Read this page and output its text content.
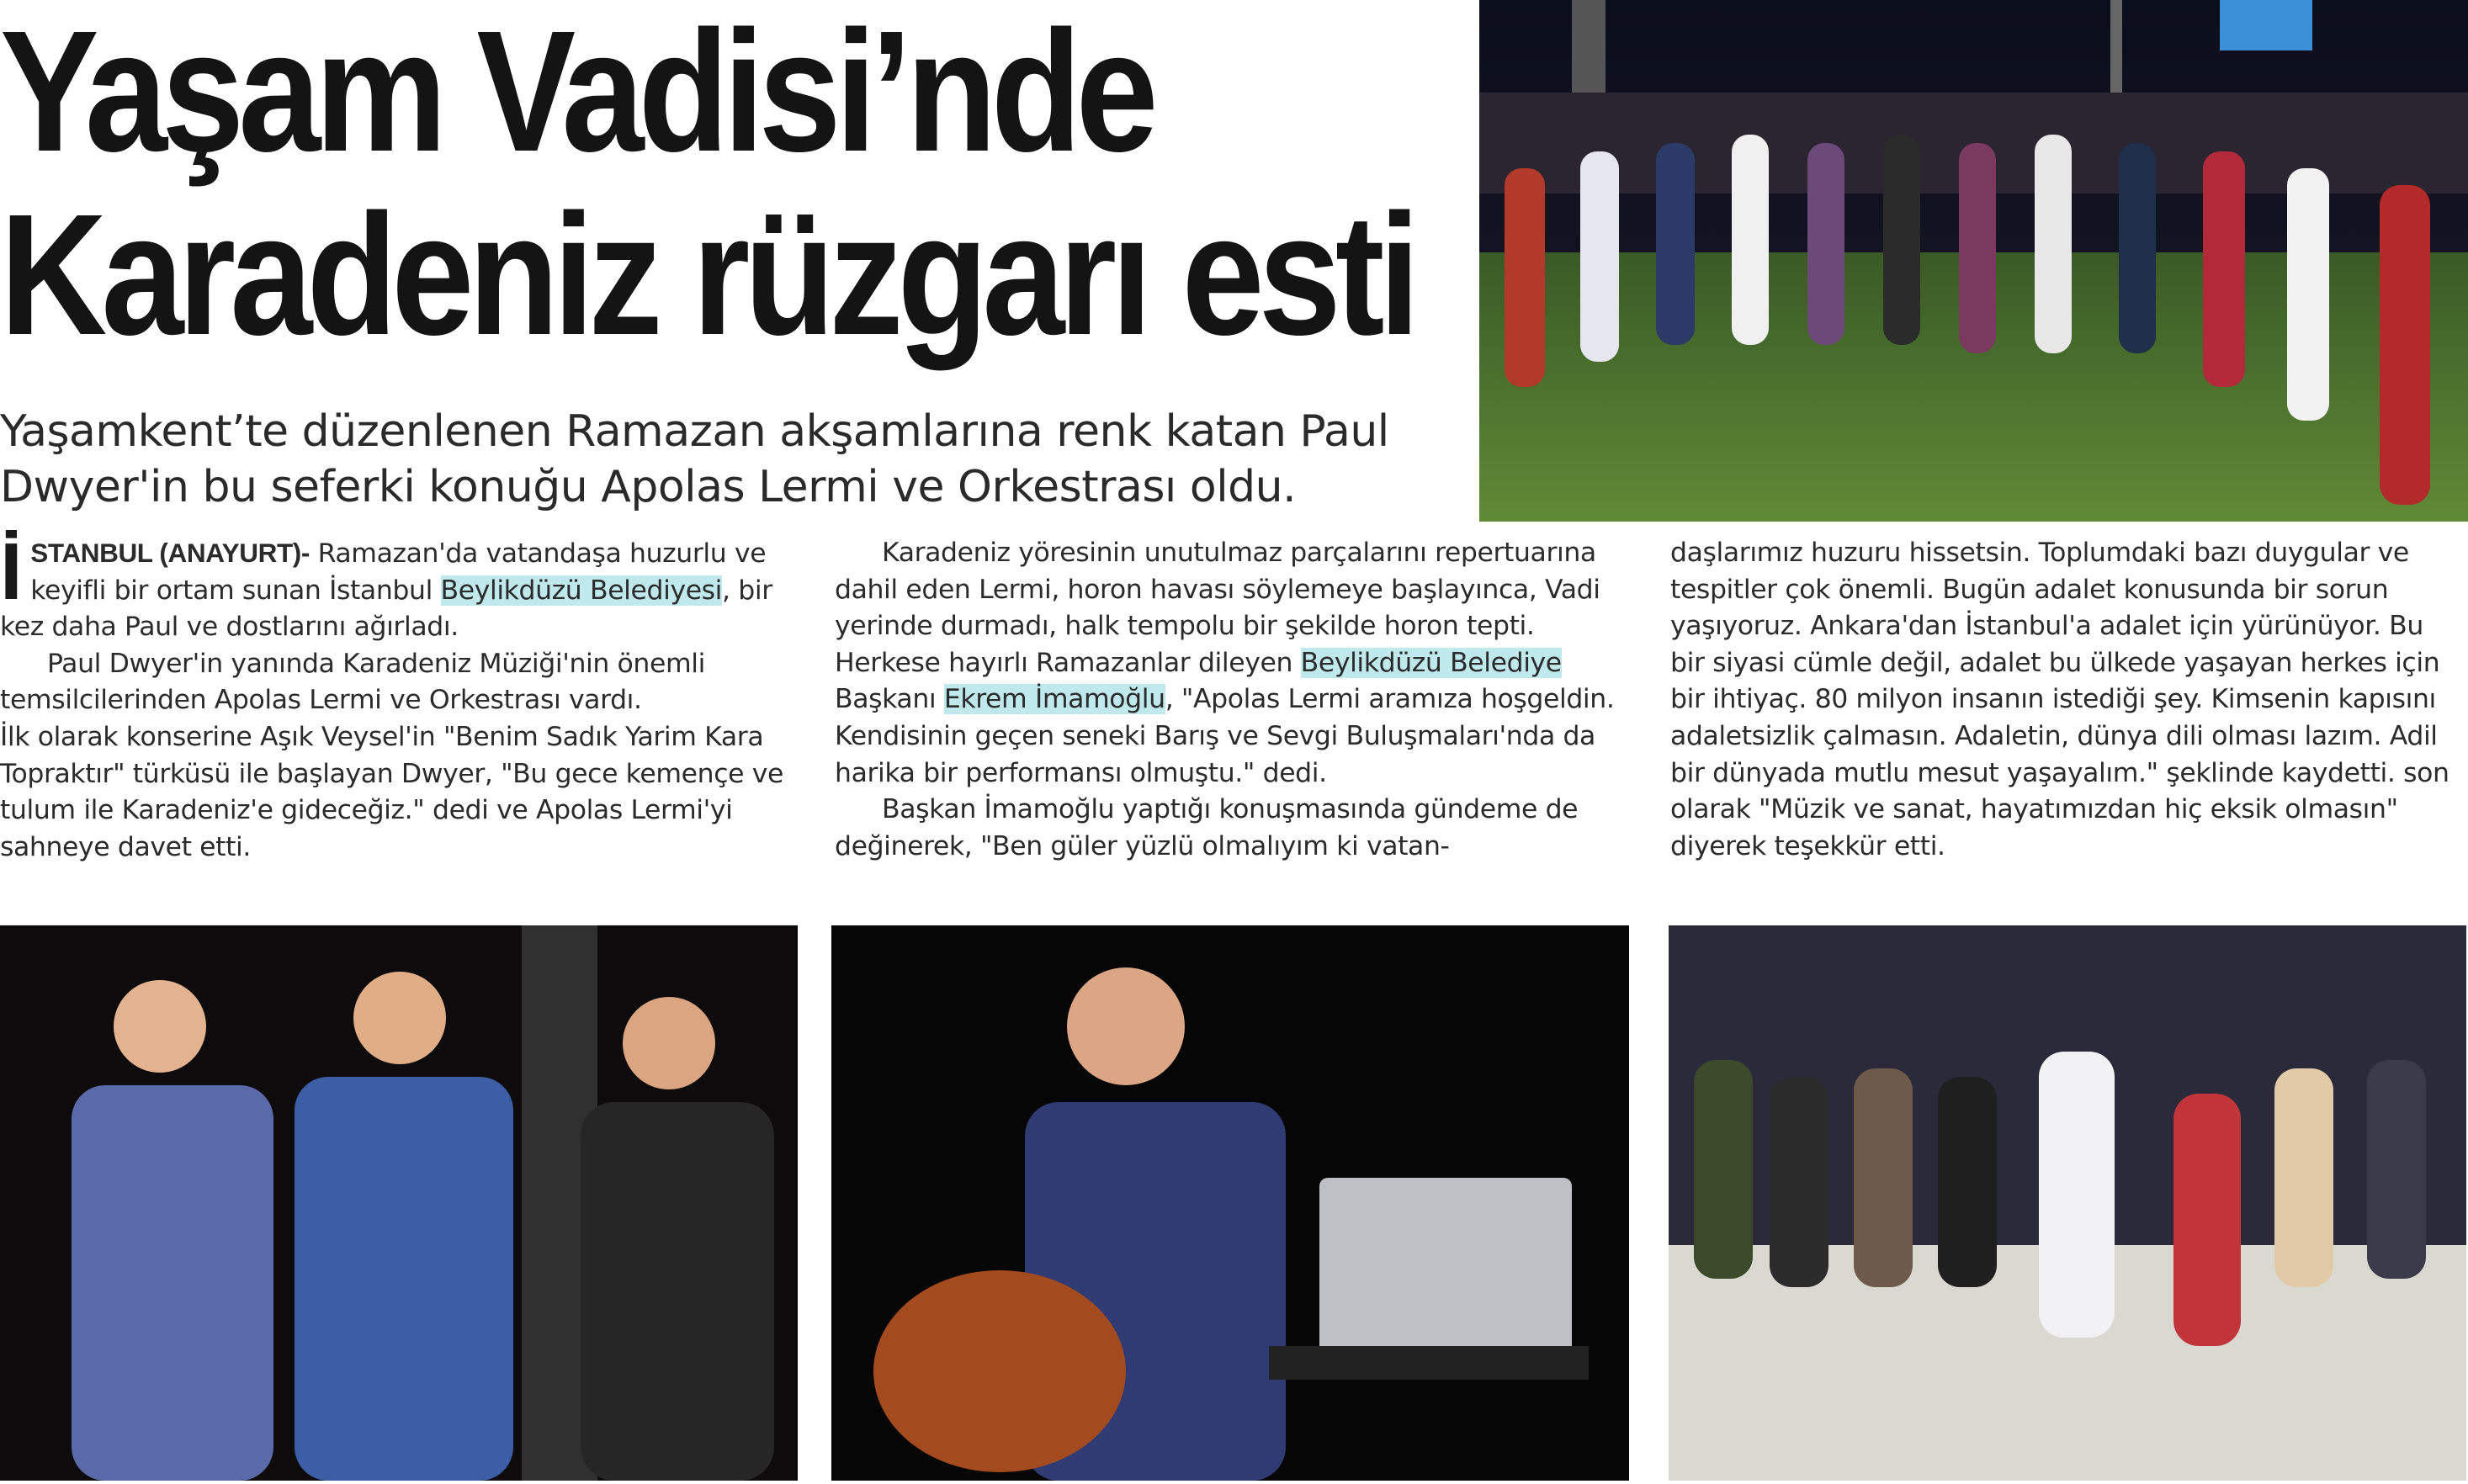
Yaşam Vadisi’nde
Karadeniz rüzgarı esti

Yaşamkent’te düzenlenen Ramazan akşamlarına renk katan Paul Dwyer'in bu seferki konuğu Apolas Lermi ve Orkestrası oldu.

İ STANBUL (ANAYURT)- Ramazan'da vatandaşa huzurlu ve keyifli bir ortam sunan İstanbul Beylikdüzü Belediyesi, bir kez daha Paul ve dostlarını ağırladı.

Paul Dwyer'in yanında Karadeniz Müziği'nin önemli temsilcilerinden Apolas Lermi ve Orkestrası vardı.

İlk olarak konserine Aşık Veysel'in "Benim Sadık Yarim Kara Topraktır" türküsü ile başlayan Dwyer, "Bu gece kemençe ve tulum ile Karadeniz'e gideceğiz." dedi ve Apolas Lermi'yi sahneye davet etti.

Karadeniz yöresinin unutulmaz parçalarını repertuarına dahil eden Lermi, horon havası söylemeye başlayınca, Vadi yerinde durmadı, halk tempolu bir şekilde horon tepti. Herkese hayırlı Ramazanlar dileyen Beylikdüzü Belediye Başkanı Ekrem İmamoğlu, "Apolas Lermi aramıza hoşgeldin. Kendisinin geçen seneki Barış ve Sevgi Buluşmaları'nda da harika bir performansı olmuştu." dedi.

Başkan İmamoğlu yaptığı konuşmasında gündeme de değinerek, "Ben güler yüzlü olmalıyım ki vatan-

daşlarımız huzuru hissetsin. Toplumdaki bazı duygular ve tespitler çok önemli. Bugün adalet konusunda bir sorun yaşıyoruz. Ankara'dan İstanbul'a adalet için yürünüyor. Bu bir siyasi cümle değil, adalet bu ülkede yaşayan herkes için bir ihtiyaç. 80 milyon insanın istediği şey. Kimsenin kapısını adaletsizlik çalmasın. Adaletin, dünya dili olması lazım. Adil bir dünyada mutlu mesut yaşayalım." şeklinde kaydetti. son olarak "Müzik ve sanat, hayatımızdan hiç eksik olmasın" diyerek teşekkür etti.
